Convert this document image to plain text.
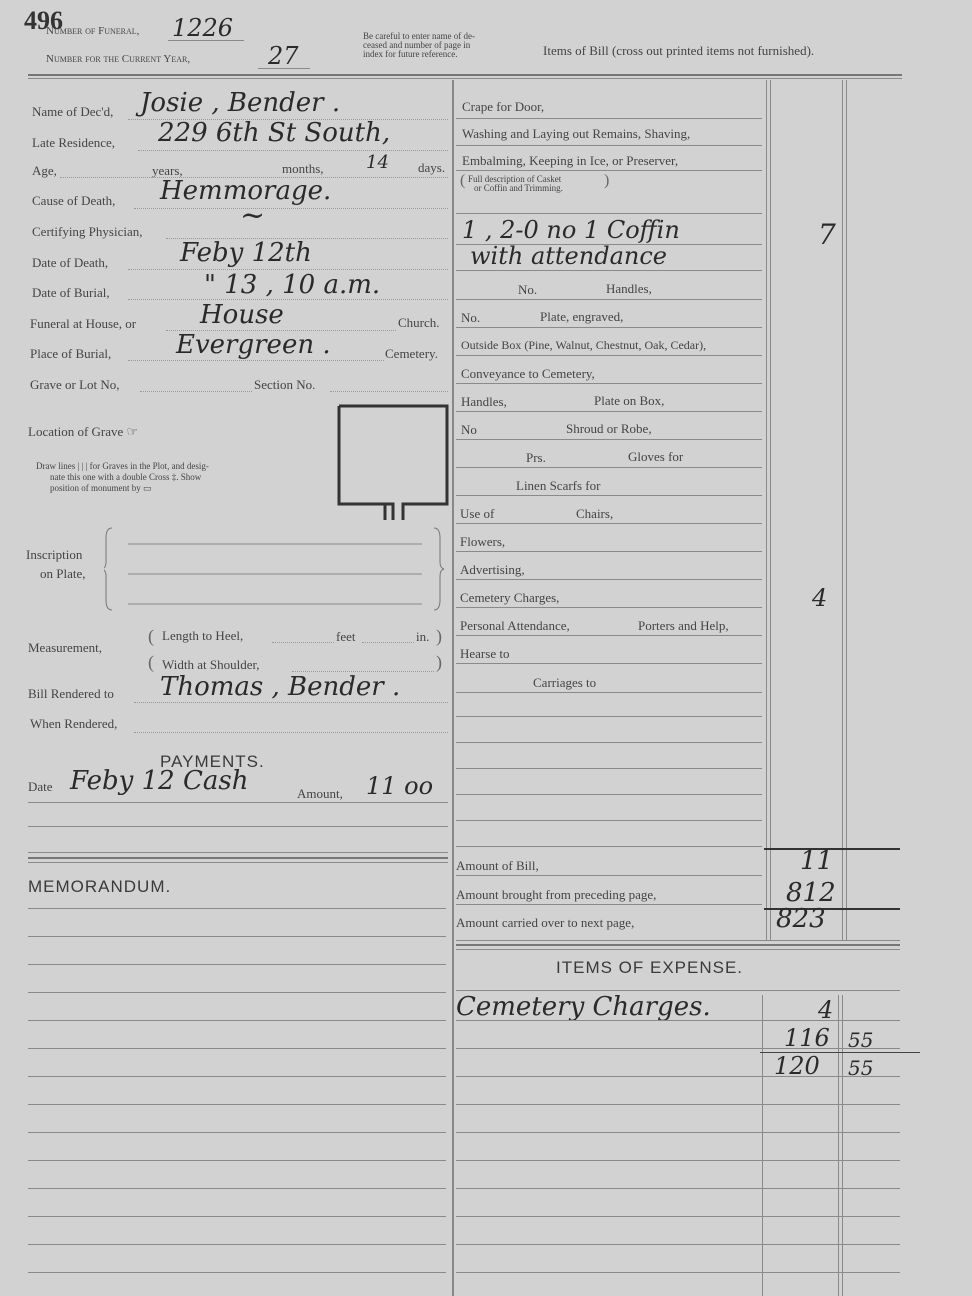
496
Number of Funeral, 1226
Number for the Current Year,	27
Be careful to enter name of de-
ceased and number of page in
index for future reference.	Items of Bill (cross out printed items not furnished).
Name of Dec'd, Josie , Bender .
Late Residence, 229 6th St South,
Age,	years,	months, 14 days.
Cause of Death, Hemmorage.
Certifying Physician,	~
Date of Death,	Feby 12th
Date of Burial,	" 13 , 10 a.m.
Funeral at House, or House	Church.
Place of Burial, Evergreen .	Cemetery.
Grave or Lot No,	Section No.
Location of Grave ☞
Draw lines | | | for Graves in the Plot, and desig-
nate this one with a double Cross ‡. Show
position of monument by ▭
Inscription
on Plate,
Measurement,
(
(
)
)
Length to Heel,	feet	in.
Width at Shoulder,
Bill Rendered to Thomas , Bender .
When Rendered,
PAYMENTS.
Date Feby 12 Cash	Amount, 11 oo
MEMORANDUM.
Crape for Door,
Washing and Laying out Remains, Shaving,
Embalming, Keeping in Ice, or Preserver,
Full description of Casket
or Coffin and Trimming.
(	)
1 , 2-0 no 1 Coffin
with attendance
7
No.	Handles,
No.	Plate, engraved,
Outside Box (Pine, Walnut, Chestnut, Oak, Cedar),
Conveyance to Cemetery,
Handles,	Plate on Box,
No	Shroud or Robe,
Prs.	Gloves for
Linen Scarfs for
Use of	Chairs,
Flowers,
Advertising,
Cemetery Charges,	4
Personal Attendance,	Porters and Help,
Hearse to
Carriages to
Amount of Bill,	11
Amount brought from preceding page,	812
Amount carried over to next page,	823
ITEMS OF EXPENSE.
Cemetery Charges.	4
116 55
120 55
